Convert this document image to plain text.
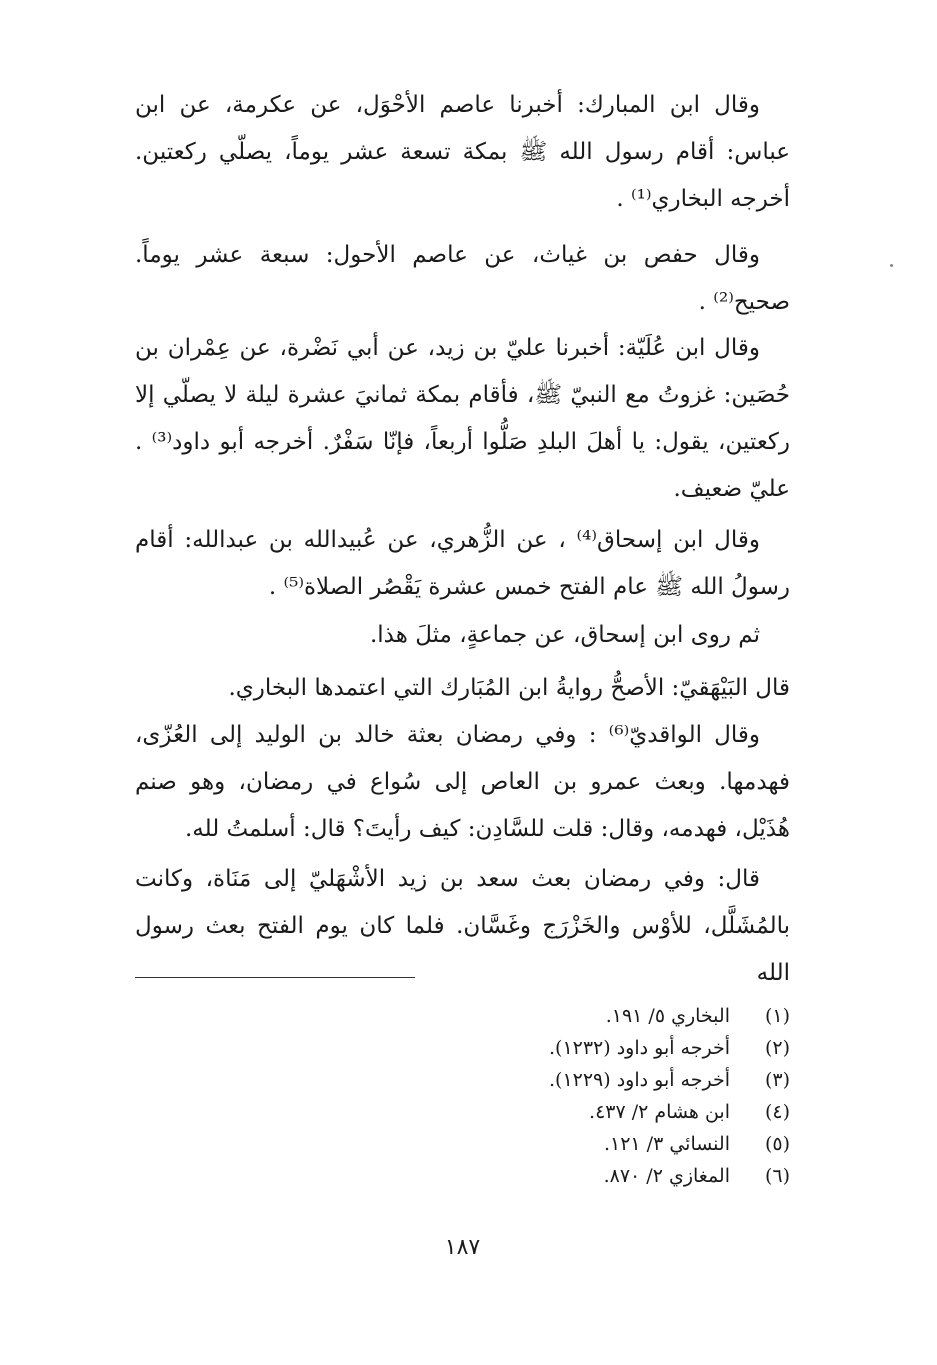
وقال ابن المبارك: أخبرنا عاصم الأحْوَل، عن عكرمة، عن ابن عباس: أقام رسول الله ﷺ بمكة تسعة عشر يوماً، يصلّي ركعتين. أخرجه البخاري⁽¹⁾ .

وقال حفص بن غياث، عن عاصم الأحول: سبعة عشر يوماً. صحيح⁽²⁾ .

وقال ابن عُلَيّة: أخبرنا عليّ بن زيد، عن أبي نَضْرة، عن عِمْران بن حُصَين: غزوتُ مع النبيّ ﷺ، فأقام بمكة ثمانيَ عشرة ليلة لا يصلّي إلا ركعتين، يقول: يا أهلَ البلدِ صَلُّوا أربعاً، فإنّا سَفْرٌ. أخرجه أبو داود⁽³⁾ . عليّ ضعيف.

وقال ابن إسحاق⁽⁴⁾ ، عن الزُّهري، عن عُبيدالله بن عبدالله: أقام رسولُ الله ﷺ عام الفتح خمس عشرة يَقْصُر الصلاة⁽⁵⁾ .

ثم روى ابن إسحاق، عن جماعةٍ، مثلَ هذا.

قال البَيْهَقيّ: الأصحُّ روايةُ ابن المُبَارك التي اعتمدها البخاري.

وقال الواقديّ⁽⁶⁾ : وفي رمضان بعثة خالد بن الوليد إلى العُزّى، فهدمها. وبعث عمرو بن العاص إلى سُواع في رمضان، وهو صنم هُذَيْل، فهدمه، وقال: قلت للسَّادِن: كيف رأيتَ؟ قال: أسلمتُ لله.

قال: وفي رمضان بعث سعد بن زيد الأشْهَليّ إلى مَنَاة، وكانت بالمُشَلَّل، للأوْس والخَزْرَج وغَسَّان. فلما كان يوم الفتح بعث رسول الله

(١)
البخاري ٥/ ١٩١.
(٢)
أخرجه أبو داود (١٢٣٢).
(٣)
أخرجه أبو داود (١٢٢٩).
(٤)
ابن هشام ٢/ ٤٣٧.
(٥)
النسائي ٣/ ١٢١.
(٦)
المغازي ٢/ ٨٧٠.
١٨٧
